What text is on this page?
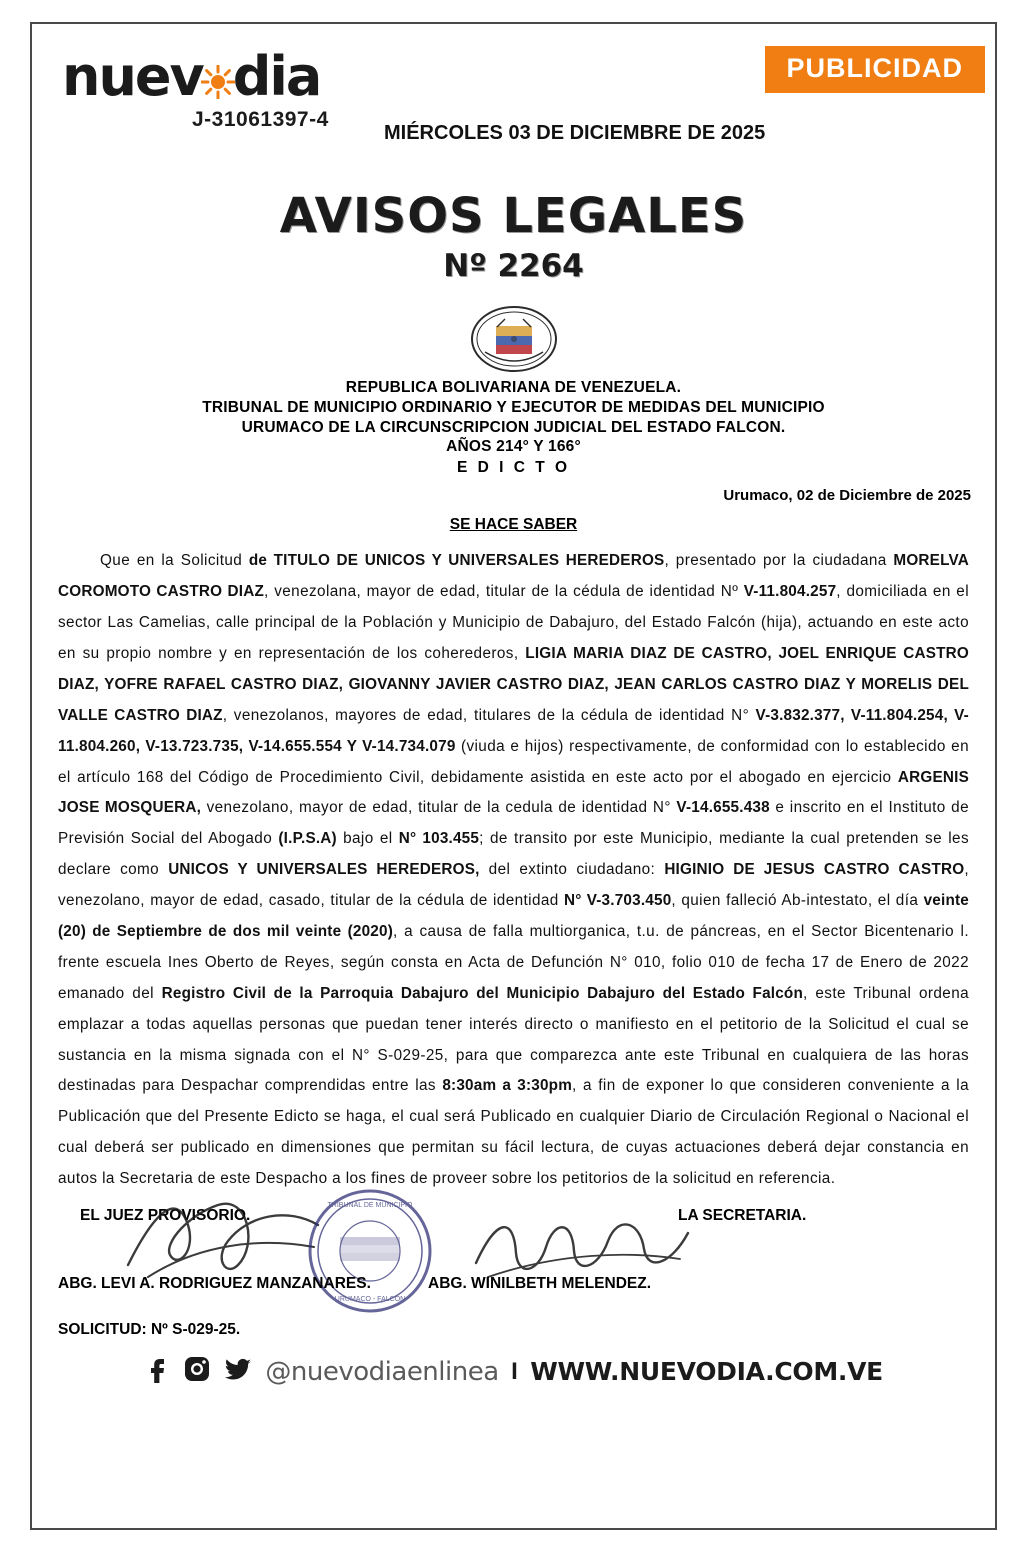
nuev dia
J-31061397-4
PUBLICIDAD
MIÉRCOLES 03 DE DICIEMBRE DE 2025
AVISOS LEGALES
Nº 2264
REPUBLICA BOLIVARIANA DE VENEZUELA.
TRIBUNAL DE MUNICIPIO ORDINARIO Y EJECUTOR DE MEDIDAS DEL MUNICIPIO
URUMACO DE LA CIRCUNSCRIPCION JUDICIAL DEL ESTADO FALCON.
AÑOS 214° Y 166°
E D I C T O
Urumaco, 02 de Diciembre de 2025
SE HACE SABER
Que en la Solicitud de TITULO DE UNICOS Y UNIVERSALES HEREDEROS, presentado por la ciudadana MORELVA COROMOTO CASTRO DIAZ, venezolana, mayor de edad, titular de la cédula de identidad Nº V-11.804.257, domiciliada en el sector Las Camelias, calle principal de la Población y Municipio de Dabajuro, del Estado Falcón (hija), actuando en este acto en su propio nombre y en representación de los coherederos, LIGIA MARIA DIAZ DE CASTRO, JOEL ENRIQUE CASTRO DIAZ, YOFRE RAFAEL CASTRO DIAZ, GIOVANNY JAVIER CASTRO DIAZ, JEAN CARLOS CASTRO DIAZ Y MORELIS DEL VALLE CASTRO DIAZ, venezolanos, mayores de edad, titulares de la cédula de identidad N° V-3.832.377, V-11.804.254, V-11.804.260, V-13.723.735, V-14.655.554 Y V-14.734.079 (viuda e hijos) respectivamente, de conformidad con lo establecido en el artículo 168 del Código de Procedimiento Civil, debidamente asistida en este acto por el abogado en ejercicio ARGENIS JOSE MOSQUERA, venezolano, mayor de edad, titular de la cedula de identidad N° V-14.655.438 e inscrito en el Instituto de Previsión Social del Abogado (I.P.S.A) bajo el N° 103.455; de transito por este Municipio, mediante la cual pretenden se les declare como UNICOS Y UNIVERSALES HEREDEROS, del extinto ciudadano: HIGINIO DE JESUS CASTRO CASTRO, venezolano, mayor de edad, casado, titular de la cédula de identidad N° V-3.703.450, quien falleció Ab-intestato, el día veinte (20) de Septiembre de dos mil veinte (2020), a causa de falla multiorganica, t.u. de páncreas, en el Sector Bicentenario l. frente escuela Ines Oberto de Reyes, según consta en Acta de Defunción N° 010, folio 010 de fecha 17 de Enero de 2022 emanado del Registro Civil de la Parroquia Dabajuro del Municipio Dabajuro del Estado Falcón, este Tribunal ordena emplazar a todas aquellas personas que puedan tener interés directo o manifiesto en el petitorio de la Solicitud el cual se sustancia en la misma signada con el N° S-029-25, para que comparezca ante este Tribunal en cualquiera de las horas destinadas para Despachar comprendidas entre las 8:30am a 3:30pm, a fin de exponer lo que consideren conveniente a la Publicación que del Presente Edicto se haga, el cual será Publicado en cualquier Diario de Circulación Regional o Nacional el cual deberá ser publicado en dimensiones que permitan su fácil lectura, de cuyas actuaciones deberá dejar constancia en autos la Secretaria de este Despacho a los fines de proveer sobre los petitorios de la solicitud en referencia.
EL JUEZ PROVISORIO.	LA SECRETARIA.
TRIBUNAL DE MUNICIPIO
URUMACO - FALCON
ABG. LEVI A. RODRIGUEZ MANZANARES.	ABG. WINILBETH MELENDEZ.
SOLICITUD: Nº S-029-25.
@nuevodiaenlinea I WWW.NUEVODIA.COM.VE
